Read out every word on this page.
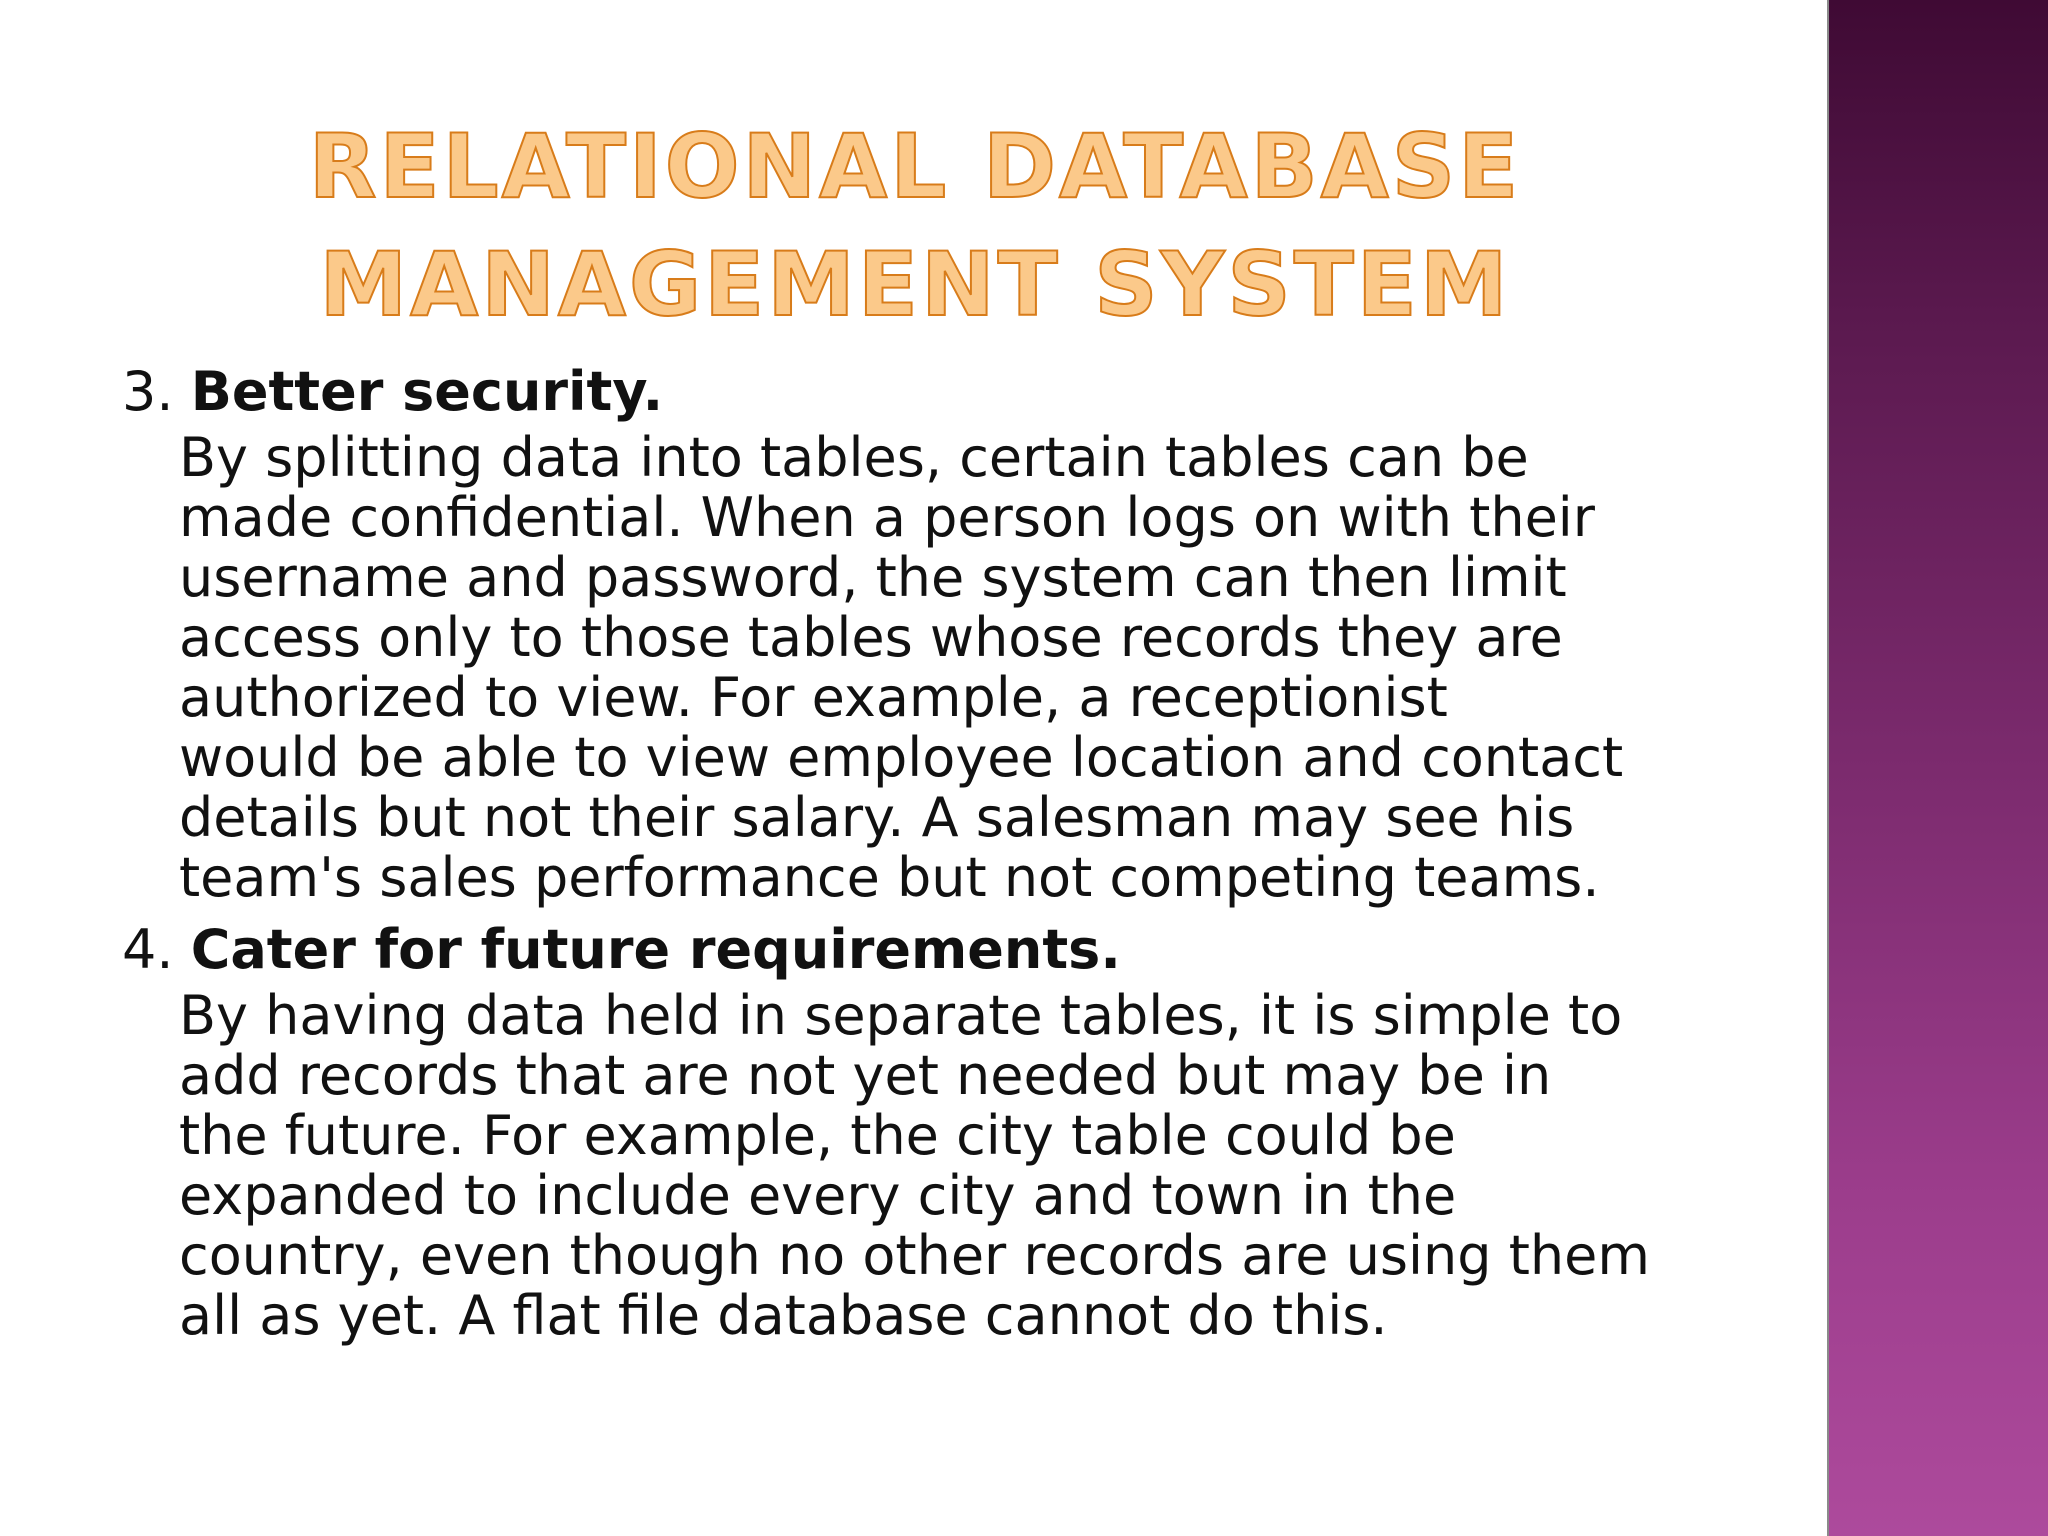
RELATIONAL DATABASE
MANAGEMENT SYSTEM

3. Better security.

By splitting data into tables, certain tables can be
made confidential. When a person logs on with their
username and password, the system can then limit
access only to those tables whose records they are
authorized to view. For example, a receptionist
would be able to view employee location and contact
details but not their salary. A salesman may see his
team's sales performance but not competing teams.

4. Cater for future requirements.

By having data held in separate tables, it is simple to
add records that are not yet needed but may be in
the future. For example, the city table could be
expanded to include every city and town in the
country, even though no other records are using them
all as yet. A flat file database cannot do this.
